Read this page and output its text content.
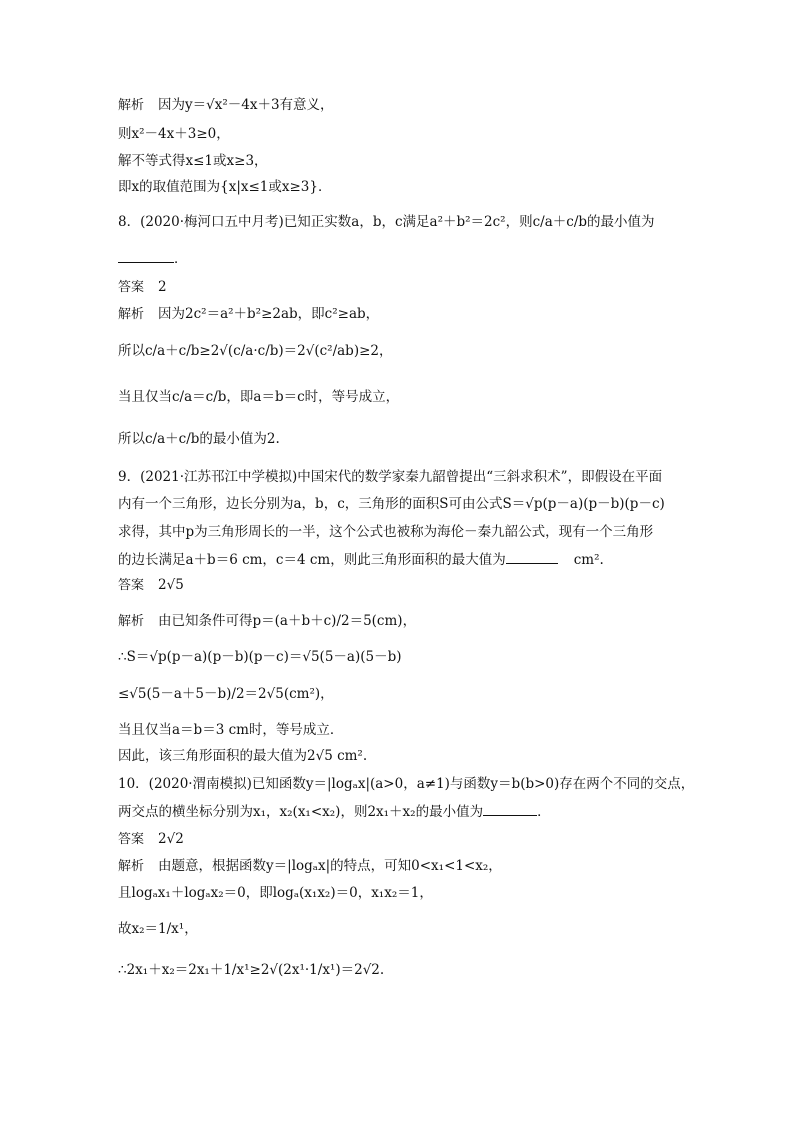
解析 因为y＝√x²－4x＋3有意义，
则x²－4x＋3≥0，
解不等式得x≤1或x≥3，
即x的取值范围为{x|x≤1或x≥3}．
8．(2020·梅河口五中月考)已知正实数a，b，c满足a²＋b²＝2c²，则c/a＋c/b的最小值为
．
答案 2
解析 因为2c²＝a²＋b²≥2ab，即c²≥ab，
所以c/a＋c/b≥2√(c/a·c/b)＝2√(c²/ab)≥2，
当且仅当c/a＝c/b，即a＝b＝c时，等号成立，
所以c/a＋c/b的最小值为2.
9．(2021·江苏邗江中学模拟)中国宋代的数学家秦九韶曾提出“三斜求积术”，即假设在平面
内有一个三角形，边长分别为a，b，c，三角形的面积S可由公式S＝√p(p－a)(p－b)(p－c)
求得，其中p为三角形周长的一半，这个公式也被称为海伦－秦九韶公式，现有一个三角形
的边长满足a＋b＝6 cm，c＝4 cm，则此三角形面积的最大值为	cm².
答案 2√5
解析 由已知条件可得p＝(a＋b＋c)/2＝5(cm)，
∴S＝√p(p－a)(p－b)(p－c)＝√5(5－a)(5－b)
≤√5(5－a＋5－b)/2＝2√5(cm²)，
当且仅当a＝b＝3 cm时，等号成立．
因此，该三角形面积的最大值为2√5 cm².
10．(2020·渭南模拟)已知函数y＝|logₐx|(a>0，a≠1)与函数y＝b(b>0)存在两个不同的交点，
两交点的横坐标分别为x₁，x₂(x₁<x₂)，则2x₁＋x₂的最小值为	．
答案 2√2
解析 由题意，根据函数y＝|logₐx|的特点，可知0<x₁<1<x₂，
且logₐx₁＋logₐx₂＝0，即logₐ(x₁x₂)＝0，x₁x₂＝1，
故x₂＝1/x¹，
∴2x₁＋x₂＝2x₁＋1/x¹≥2√(2x¹·1/x¹)＝2√2.
